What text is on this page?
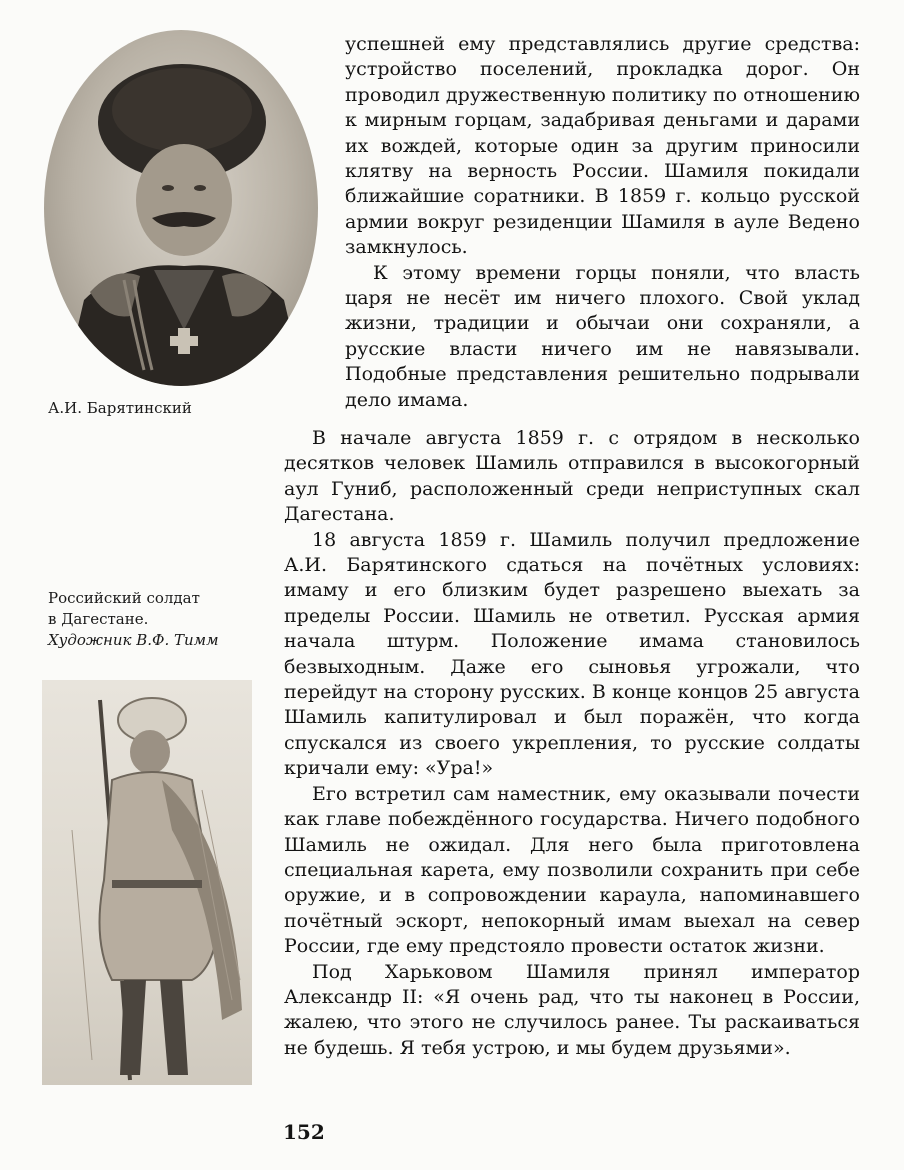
А.И. Барятинский
Российский солдат
в Дагестане.
Художник В.Ф. Тимм

успешней ему представлялись другие средства: устройство поселений, прокладка дорог. Он проводил дружественную политику по отношению к мирным горцам, задабривая деньгами и дарами их вождей, которые один за другим приносили клятву на верность России. Шамиля покидали ближайшие соратники. В 1859 г. кольцо русской армии вокруг резиденции Шамиля в ауле Ведено замкнулось.

К этому времени горцы поняли, что власть царя не несёт им ничего плохого. Свой уклад жизни, традиции и обычаи они сохраняли, а русские власти ничего им не навязывали. Подобные представления решительно подрывали дело имама.

В начале августа 1859 г. с отрядом в несколько десятков человек Шамиль отправился в высокогорный аул Гуниб, расположенный среди неприступных скал Дагестана.

18 августа 1859 г. Шамиль получил предложение А.И. Барятинского сдаться на почётных условиях: имаму и его близким будет разрешено выехать за пределы России. Шамиль не ответил. Русская армия начала штурм. Положение имама становилось безвыходным. Даже его сыновья угрожали, что перейдут на сторону русских. В конце концов 25 августа Шамиль капитулировал и был поражён, что когда спускался из своего укрепления, то русские солдаты кричали ему: «Ура!»

Его встретил сам наместник, ему оказывали почести как главе побеждённого государства. Ничего подобного Шамиль не ожидал. Для него была приготовлена специальная карета, ему позволили сохранить при себе оружие, и в сопровождении караула, напоминавшего почётный эскорт, непокорный имам выехал на север России, где ему предстояло провести остаток жизни.

Под Харьковом Шамиля принял император Александр II: «Я очень рад, что ты наконец в России, жалею, что этого не случилось ранее. Ты раскаиваться не будешь. Я тебя устрою, и мы будем друзьями».

152
